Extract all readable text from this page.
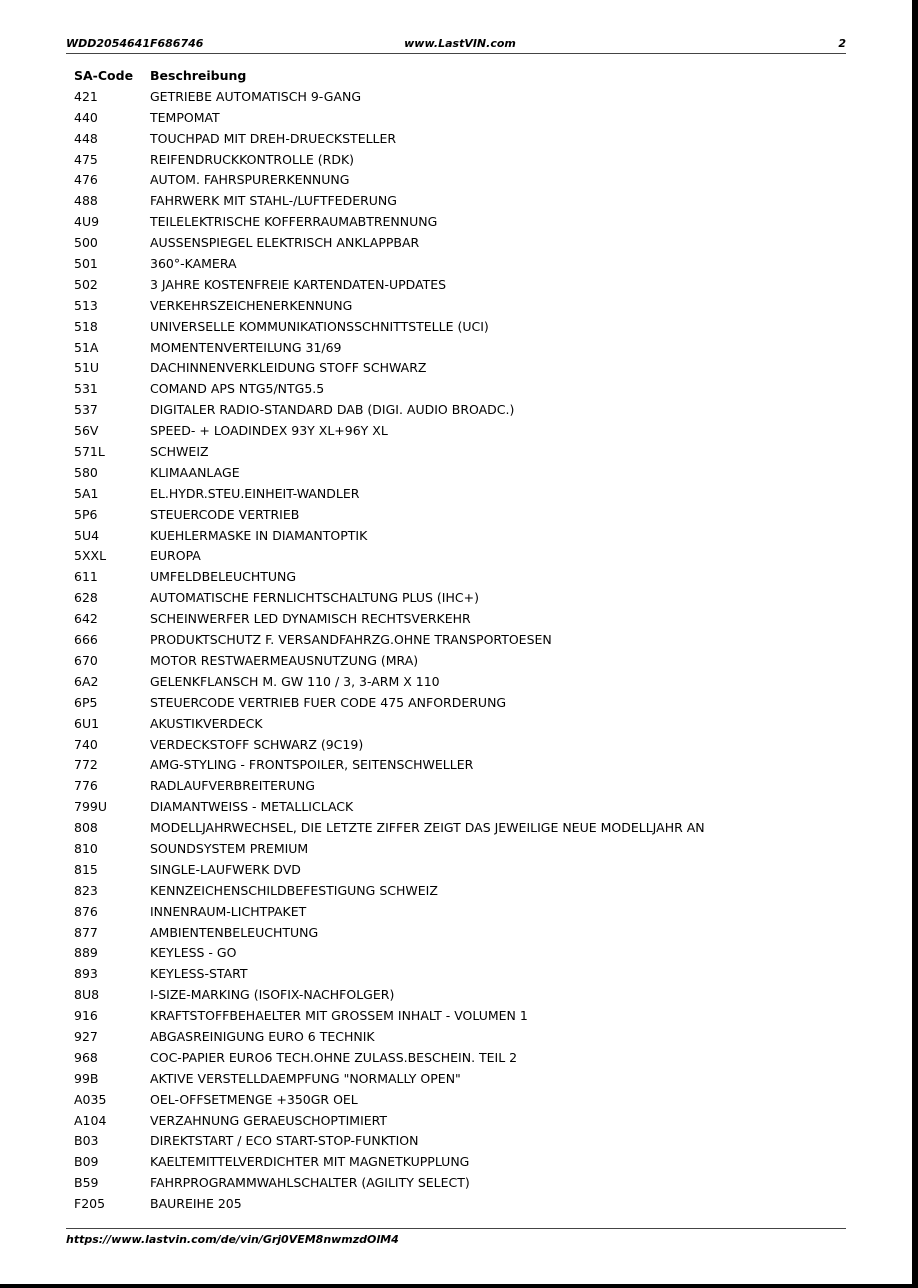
WDD2054641F686746	www.LastVIN.com	2
SA-Code Beschreibung
421	GETRIEBE AUTOMATISCH 9-GANG
440	TEMPOMAT
448	TOUCHPAD MIT DREH-DRUECKSTELLER
475	REIFENDRUCKKONTROLLE (RDK)
476	AUTOM. FAHRSPURERKENNUNG
488	FAHRWERK MIT STAHL-/LUFTFEDERUNG
4U9	TEILELEKTRISCHE KOFFERRAUMABTRENNUNG
500	AUSSENSPIEGEL ELEKTRISCH ANKLAPPBAR
501	360°-KAMERA
502	3 JAHRE KOSTENFREIE KARTENDATEN-UPDATES
513	VERKEHRSZEICHENERKENNUNG
518	UNIVERSELLE KOMMUNIKATIONSSCHNITTSTELLE (UCI)
51A	MOMENTENVERTEILUNG 31/69
51U	DACHINNENVERKLEIDUNG STOFF SCHWARZ
531	COMAND APS NTG5/NTG5.5
537	DIGITALER RADIO-STANDARD DAB (DIGI. AUDIO BROADC.)
56V	SPEED- + LOADINDEX 93Y XL+96Y XL
571L	SCHWEIZ
580	KLIMAANLAGE
5A1	EL.HYDR.STEU.EINHEIT-WANDLER
5P6	STEUERCODE VERTRIEB
5U4	KUEHLERMASKE IN DIAMANTOPTIK
5XXL	EUROPA
611	UMFELDBELEUCHTUNG
628	AUTOMATISCHE FERNLICHTSCHALTUNG PLUS (IHC+)
642	SCHEINWERFER LED DYNAMISCH RECHTSVERKEHR
666	PRODUKTSCHUTZ F. VERSANDFAHRZG.OHNE TRANSPORTOESEN
670	MOTOR RESTWAERMEAUSNUTZUNG (MRA)
6A2	GELENKFLANSCH M. GW 110 / 3, 3-ARM X 110
6P5	STEUERCODE VERTRIEB FUER CODE 475 ANFORDERUNG
6U1	AKUSTIKVERDECK
740	VERDECKSTOFF SCHWARZ (9C19)
772	AMG-STYLING - FRONTSPOILER, SEITENSCHWELLER
776	RADLAUFVERBREITERUNG
799U	DIAMANTWEISS - METALLICLACK
808	MODELLJAHRWECHSEL, DIE LETZTE ZIFFER ZEIGT DAS JEWEILIGE NEUE MODELLJAHR AN
810	SOUNDSYSTEM PREMIUM
815	SINGLE-LAUFWERK DVD
823	KENNZEICHENSCHILDBEFESTIGUNG SCHWEIZ
876	INNENRAUM-LICHTPAKET
877	AMBIENTENBELEUCHTUNG
889	KEYLESS - GO
893	KEYLESS-START
8U8	I-SIZE-MARKING (ISOFIX-NACHFOLGER)
916	KRAFTSTOFFBEHAELTER MIT GROSSEM INHALT - VOLUMEN 1
927	ABGASREINIGUNG EURO 6 TECHNIK
968	COC-PAPIER EURO6 TECH.OHNE ZULASS.BESCHEIN. TEIL 2
99B	AKTIVE VERSTELLDAEMPFUNG "NORMALLY OPEN"
A035	OEL-OFFSETMENGE +350GR OEL
A104	VERZAHNUNG GERAEUSCHOPTIMIERT
B03	DIREKTSTART / ECO START-STOP-FUNKTION
B09	KAELTEMITTELVERDICHTER MIT MAGNETKUPPLUNG
B59	FAHRPROGRAMMWAHLSCHALTER (AGILITY SELECT)
F205	BAUREIHE 205
https://www.lastvin.com/de/vin/Grj0VEM8nwmzdOlM4
